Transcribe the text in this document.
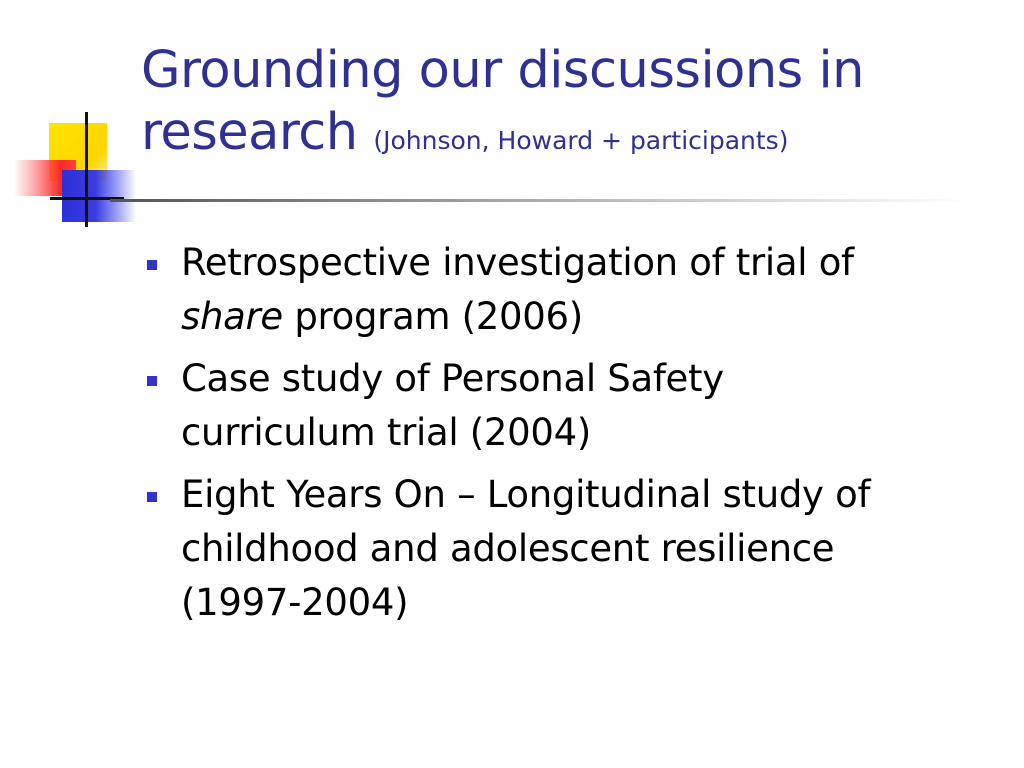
Grounding our discussions in
research (Johnson, Howard + participants)
Retrospective investigation of trial of
share program (2006)
Case study of Personal Safety
curriculum trial (2004)
Eight Years On – Longitudinal study of
childhood and adolescent resilience
(1997-2004)
